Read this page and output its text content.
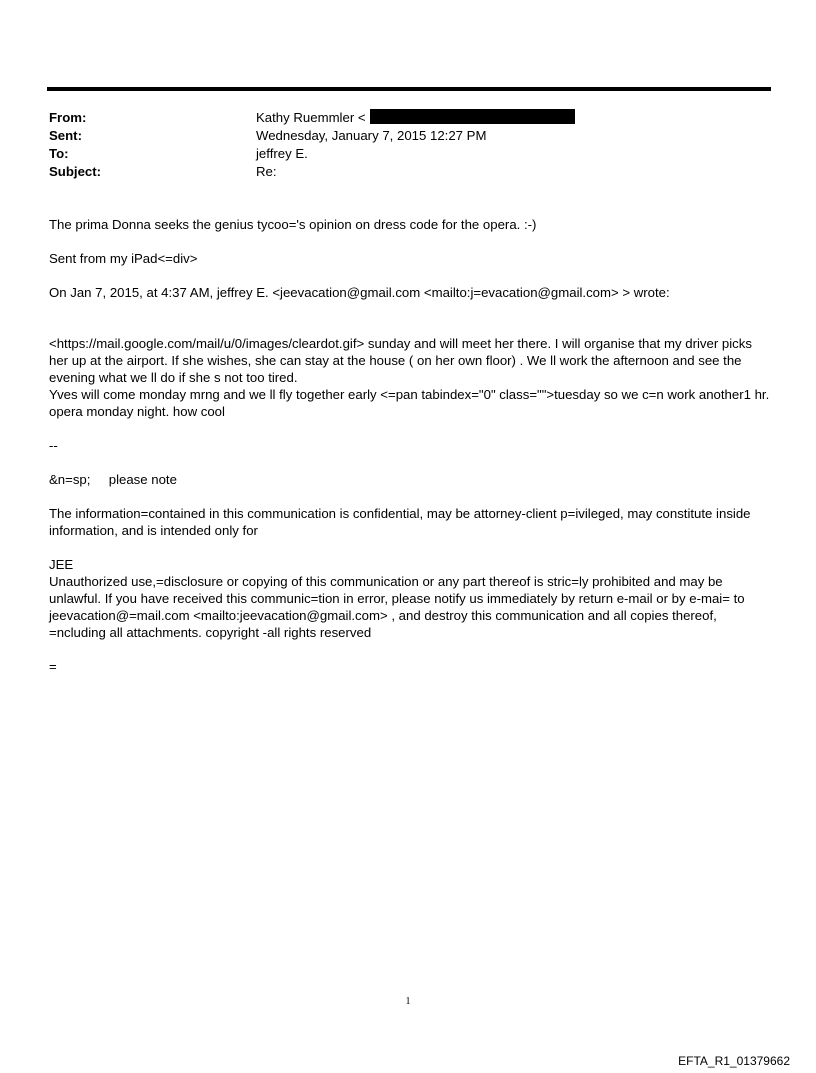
From:	Kathy Ruemmler <
Sent:	Wednesday, January 7, 2015 12:27 PM
To:	jeffrey E.
Subject:	Re:

The prima Donna seeks the genius tycoo='s opinion on dress code for the opera. :-)

Sent from my iPad<=div>

On Jan 7, 2015, at 4:37 AM, jeffrey E. <jeevacation@gmail.com <mailto:j=evacation@gmail.com> > wrote:

<https://mail.google.com/mail/u/0/images/cleardot.gif> sunday and will meet her there. I will organise that my driver picks her up at the airport. If she wishes, she can stay at the house ( on her own floor) . We ll work the afternoon and see the evening what we ll do if she s not too tired.

Yves will come monday mrng and we ll fly together early <=pan tabindex="0" class="">tuesday so we c=n work another1 hr. opera monday night. how cool

--

&n=sp;     please note

The information=contained in this communication is confidential, may be attorney-client p=ivileged, may constitute inside information, and is intended only for

JEE

Unauthorized use,=disclosure or copying of this communication or any part thereof is stric=ly prohibited and may be unlawful. If you have received this communic=tion in error, please notify us immediately by return e-mail or by e-mai= to jeevacation@=mail.com <mailto:jeevacation@gmail.com> , and destroy this communication and all copies thereof, =ncluding all attachments. copyright -all rights reserved

=

1
EFTA_R1_01379662
